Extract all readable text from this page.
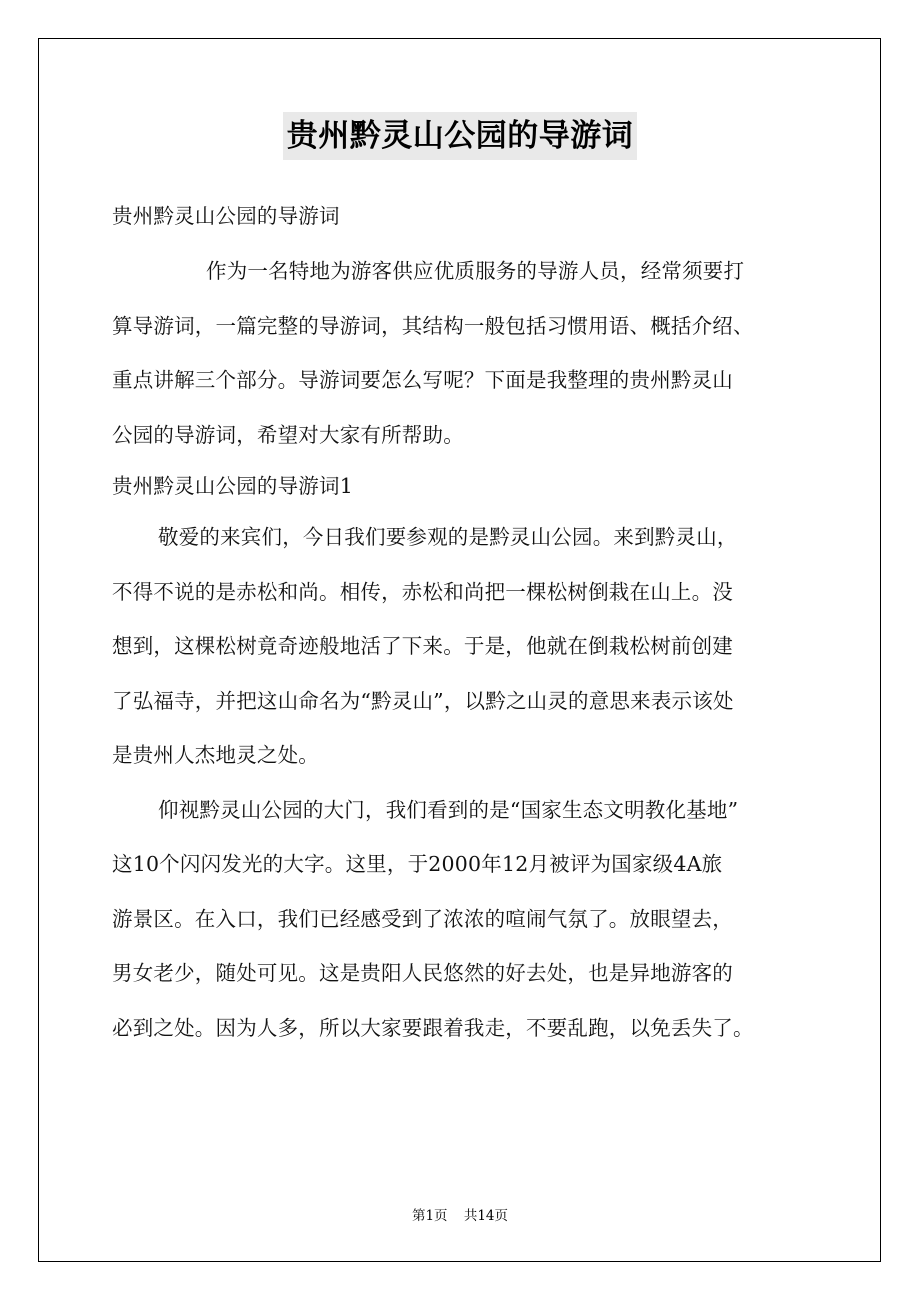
贵州黔灵山公园的导游词

贵州黔灵山公园的导游词

作为一名特地为游客供应优质服务的导游人员，经常须要打

算导游词，一篇完整的导游词，其结构一般包括习惯用语、概括介绍、

重点讲解三个部分。导游词要怎么写呢？下面是我整理的贵州黔灵山

公园的导游词，希望对大家有所帮助。

贵州黔灵山公园的导游词1

敬爱的来宾们，今日我们要参观的是黔灵山公园。来到黔灵山，

不得不说的是赤松和尚。相传，赤松和尚把一棵松树倒栽在山上。没

想到，这棵松树竟奇迹般地活了下来。于是，他就在倒栽松树前创建

了弘福寺，并把这山命名为“黔灵山”，以黔之山灵的意思来表示该处

是贵州人杰地灵之处。

仰视黔灵山公园的大门，我们看到的是“国家生态文明教化基地”

这10个闪闪发光的大字。这里，于2000年12月被评为国家级4A旅

游景区。在入口，我们已经感受到了浓浓的喧闹气氛了。放眼望去，

男女老少，随处可见。这是贵阳人民悠然的好去处，也是异地游客的

必到之处。因为人多，所以大家要跟着我走，不要乱跑，以免丢失了。

第1页 共14页
